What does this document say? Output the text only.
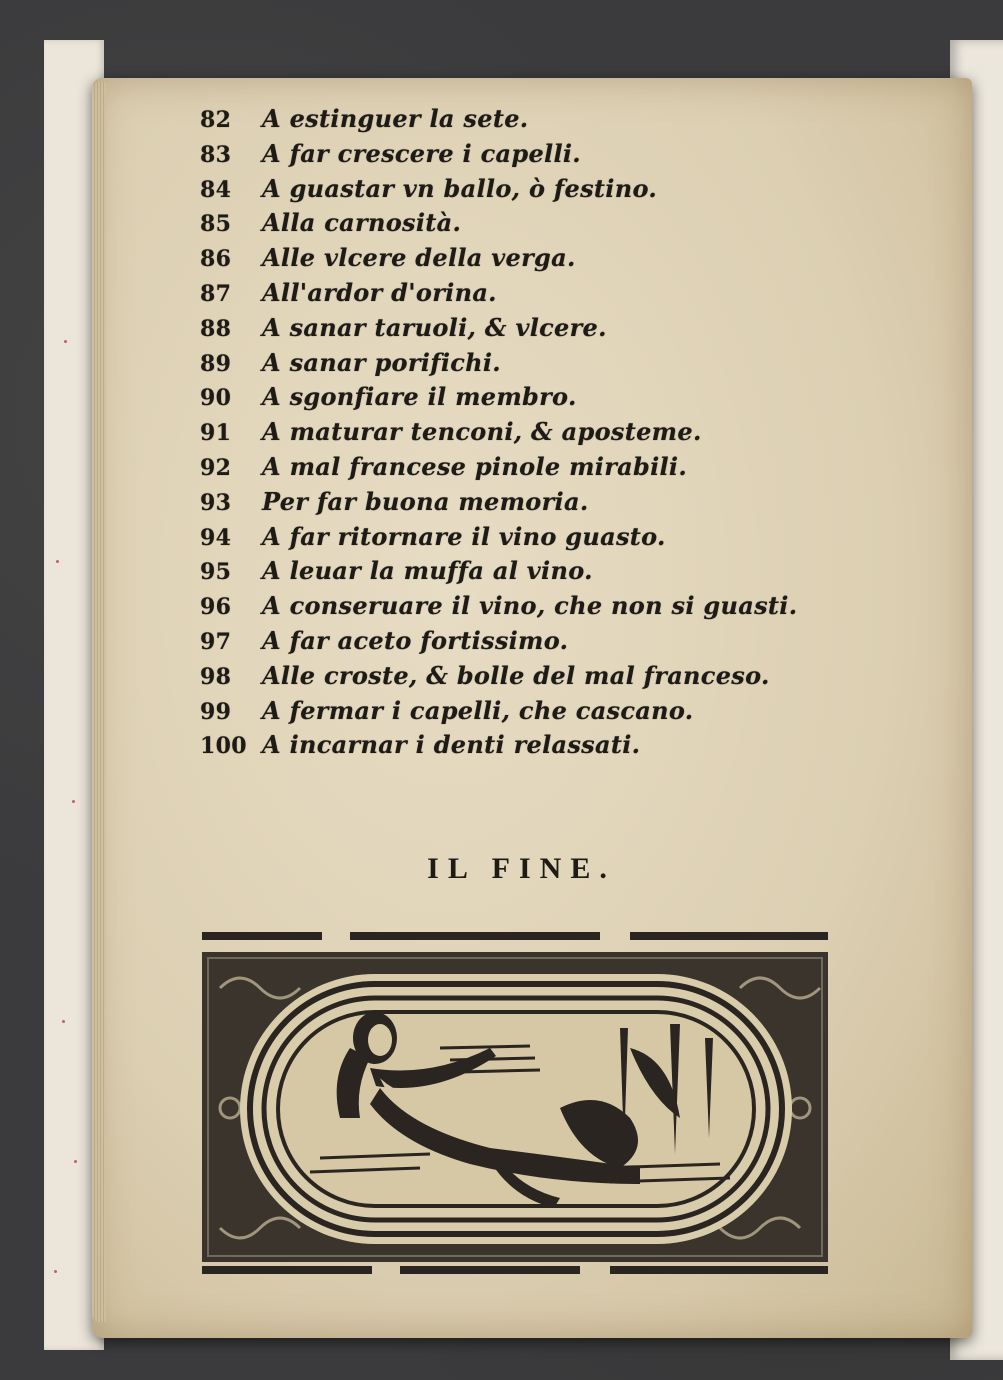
82	A estinguer la sete.
83	A far crescere i capelli.
84	A guastar vn ballo, ò festino.
85	Alla carnosità.
86	Alle vlcere della verga.
87	All'ardor d'orina.
88	A sanar taruoli, & vlcere.
89	A sanar porifichi.
90	A sgonfiare il membro.
91	A maturar tenconi, & aposteme.
92	A mal francese pinole mirabili.
93	Per far buona memoria.
94	A far ritornare il vino guasto.
95	A leuar la muffa al vino.
96	A conseruare il vino, che non si guasti.
97	A far aceto fortissimo.
98	Alle croste, & bolle del mal franceso.
99	A fermar i capelli, che cascano.
100 A incarnar i denti relassati.
IL FINE.
